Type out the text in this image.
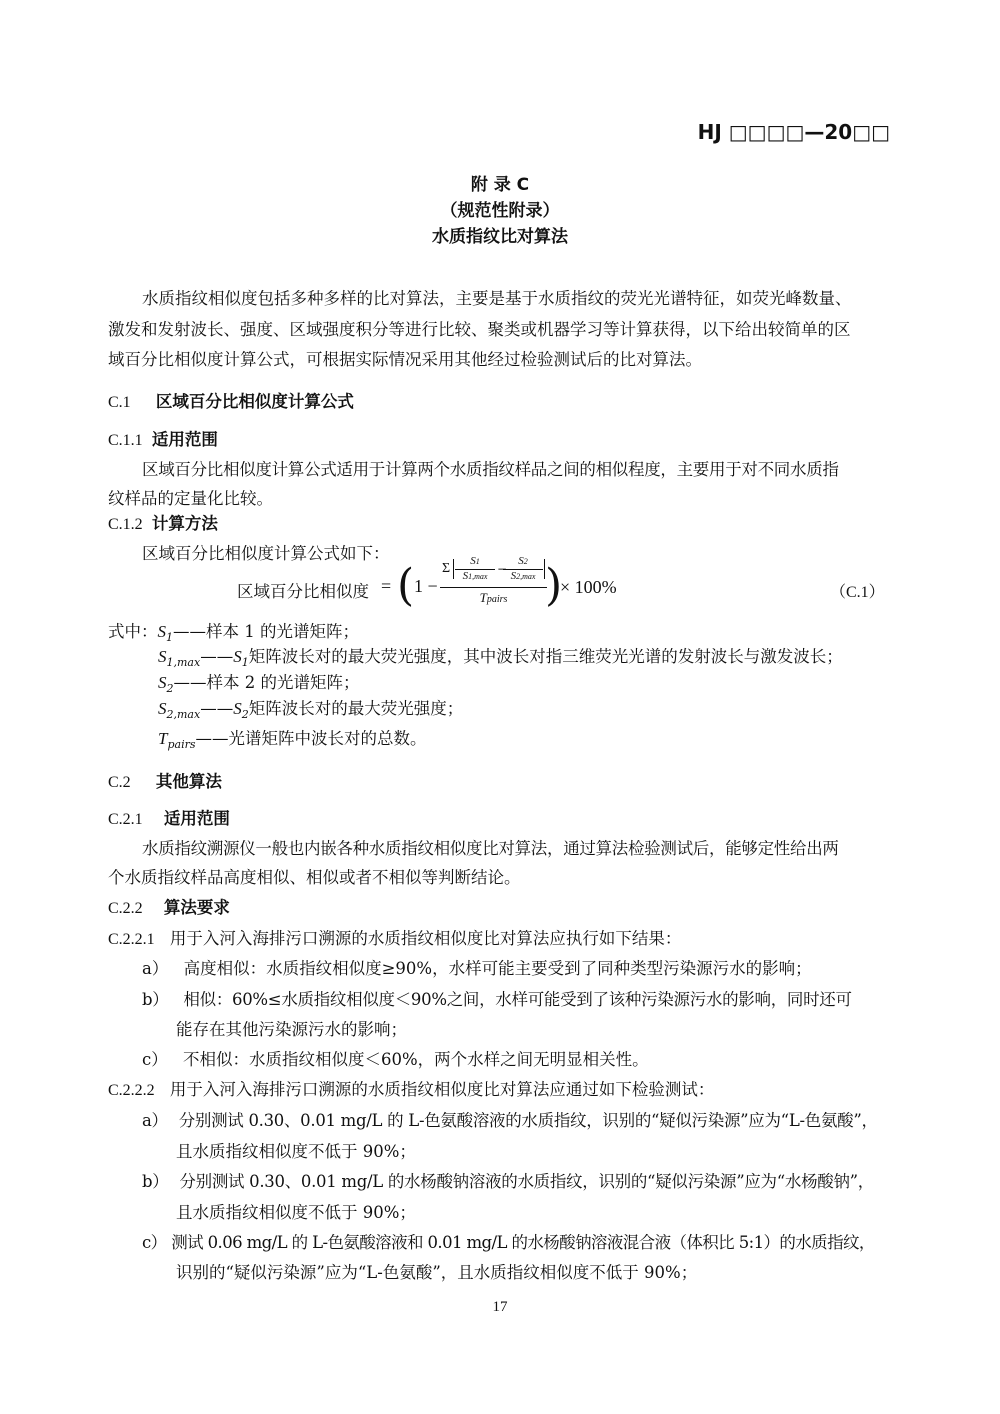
HJ □□□□—20□□
附 录 C
（规范性附录）
水质指纹比对算法
水质指纹相似度包括多种多样的比对算法，主要是基于水质指纹的荧光光谱特征，如荧光峰数量、
激发和发射波长、强度、区域强度积分等进行比较、聚类或机器学习等计算获得，以下给出较简单的区
域百分比相似度计算公式，可根据实际情况采用其他经过检验测试后的比对算法。
C.1 区域百分比相似度计算公式
C.1.1 适用范围
区域百分比相似度计算公式适用于计算两个水质指纹样品之间的相似程度，主要用于对不同水质指
纹样品的定量化比较。
C.1.2 计算方法
区域百分比相似度计算公式如下：
区域百分比相似度 = ( 1 −
Σ	S1
S1,max
−
S2
S2,max
Tpairs )
× 100%	（C.1）
式中：$S_1——$样本 1 的光谱矩阵；
$S_{1,max}——S_1$矩阵波长对的最大荧光强度，其中波长对指三维荧光光谱的发射波长与激发波长；
$S_2——$样本 2 的光谱矩阵；
$S_{2,max}——S_2$矩阵波长对的最大荧光强度；
$T_{pairs}——$光谱矩阵中波长对的总数。
C.2 其他算法
C.2.1 适用范围
水质指纹溯源仪一般也内嵌各种水质指纹相似度比对算法，通过算法检验测试后，能够定性给出两
个水质指纹样品高度相似、相似或者不相似等判断结论。
C.2.2 算法要求
C.2.2.1 用于入河入海排污口溯源的水质指纹相似度比对算法应执行如下结果：
a） 高度相似：水质指纹相似度≥90%，水样可能主要受到了同种类型污染源污水的影响；
b） 相似：60%≤水质指纹相似度＜90%之间，水样可能受到了该种污染源污水的影响，同时还可
能存在其他污染源污水的影响；
c） 不相似：水质指纹相似度＜60%，两个水样之间无明显相关性。
C.2.2.2 用于入河入海排污口溯源的水质指纹相似度比对算法应通过如下检验测试：
a） 分别测试 0.30、0.01 mg/L 的 L-色氨酸溶液的水质指纹，识别的“疑似污染源”应为“L-色氨酸”，
且水质指纹相似度不低于 90%；
b） 分别测试 0.30、0.01 mg/L 的水杨酸钠溶液的水质指纹，识别的“疑似污染源”应为“水杨酸钠”，
且水质指纹相似度不低于 90%；
c） 测试 0.06 mg/L 的 L-色氨酸溶液和 0.01 mg/L 的水杨酸钠溶液混合液（体积比 5:1）的水质指纹，
识别的“疑似污染源”应为“L-色氨酸”，且水质指纹相似度不低于 90%；
17
